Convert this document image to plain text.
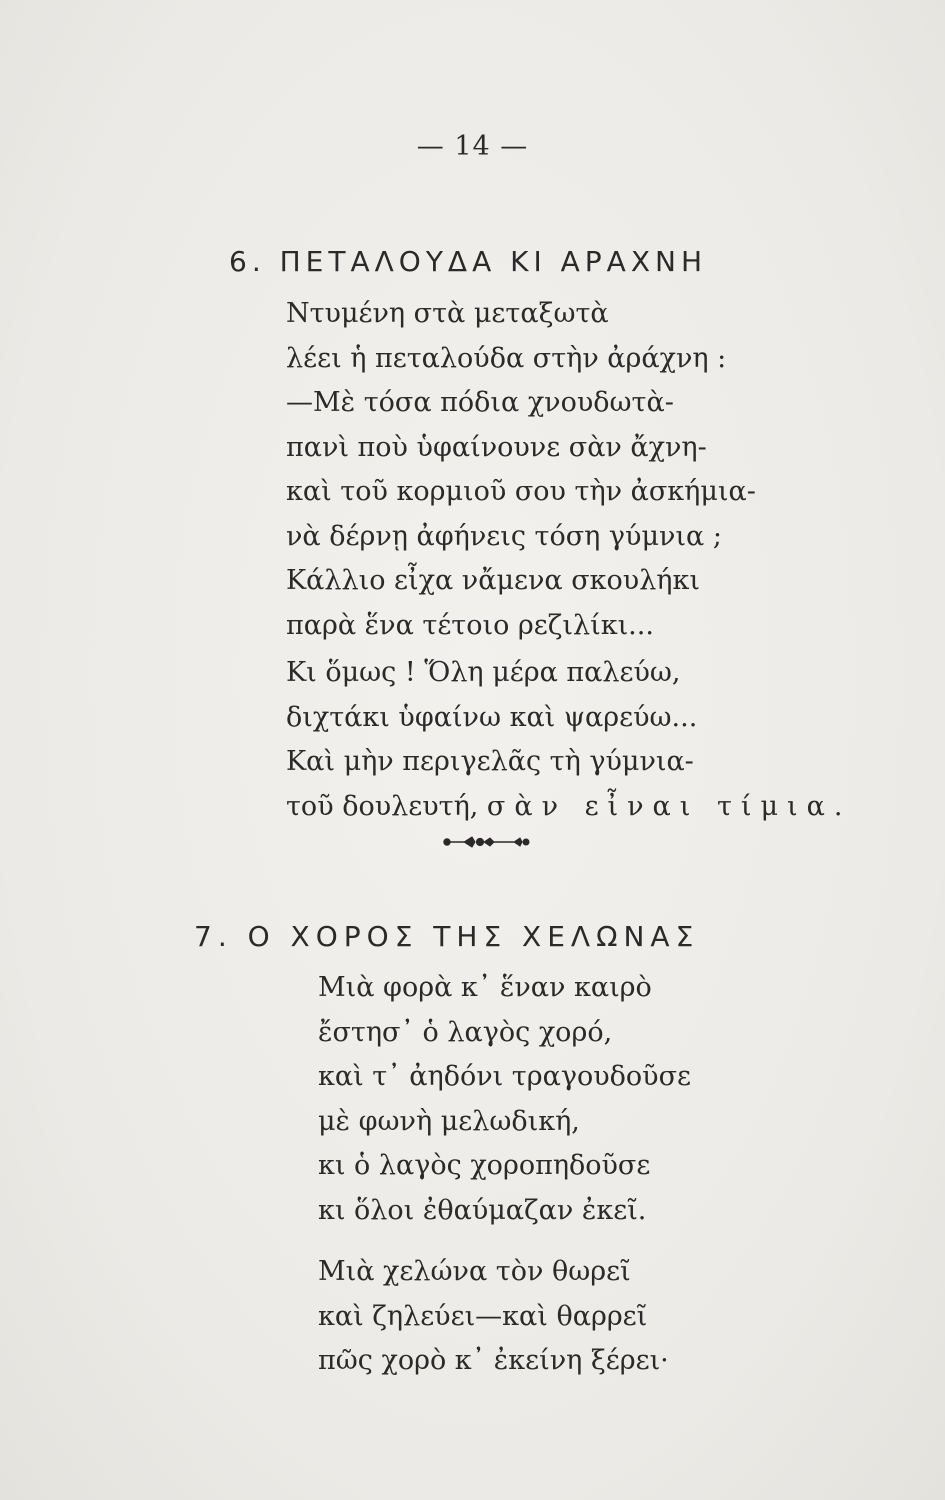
— 14 —
6. ΠΕΤΑΛΟΥΔΑ ΚΙ ΑΡΑΧΝΗ
Ντυμένη στὰ μεταξωτὰ
λέει ἡ πεταλούδα στὴν ἀράχνη :
—Μὲ τόσα πόδια χνουδωτὰ-
πανὶ ποὺ ὑφαίνουνε σὰν ἄχνη-
καὶ τοῦ κορμιοῦ σου τὴν ἀσκήμια-
νὰ δέρνῃ ἀφήνεις τόση γύμνια ;
Κάλλιο εἶχα νἄμενα σκουλήκι
παρὰ ἕνα τέτοιο ρεζιλίκι...
Κι ὅμως ! Ὅλη μέρα παλεύω,
διχτάκι ὑφαίνω καὶ ψαρεύω...
Καὶ μὴν περιγελᾶς τὴ γύμνια-
τοῦ δουλευτή, σὰν εἶναι τίμια.
7. Ο ΧΟΡΟΣ ΤΗΣ ΧΕΛΩΝΑΣ
Μιὰ φορὰ κ᾽ ἕναν καιρὸ
ἔστησ᾽ ὁ λαγὸς χορό,
καὶ τ᾽ ἀηδόνι τραγουδοῦσε
μὲ φωνὴ μελωδική,
κι ὁ λαγὸς χοροπηδοῦσε
κι ὅλοι ἐθαύμαζαν ἐκεῖ.
Μιὰ χελώνα τὸν θωρεῖ
καὶ ζηλεύει—καὶ θαρρεῖ
πῶς χορὸ κ᾽ ἐκείνη ξέρει·
